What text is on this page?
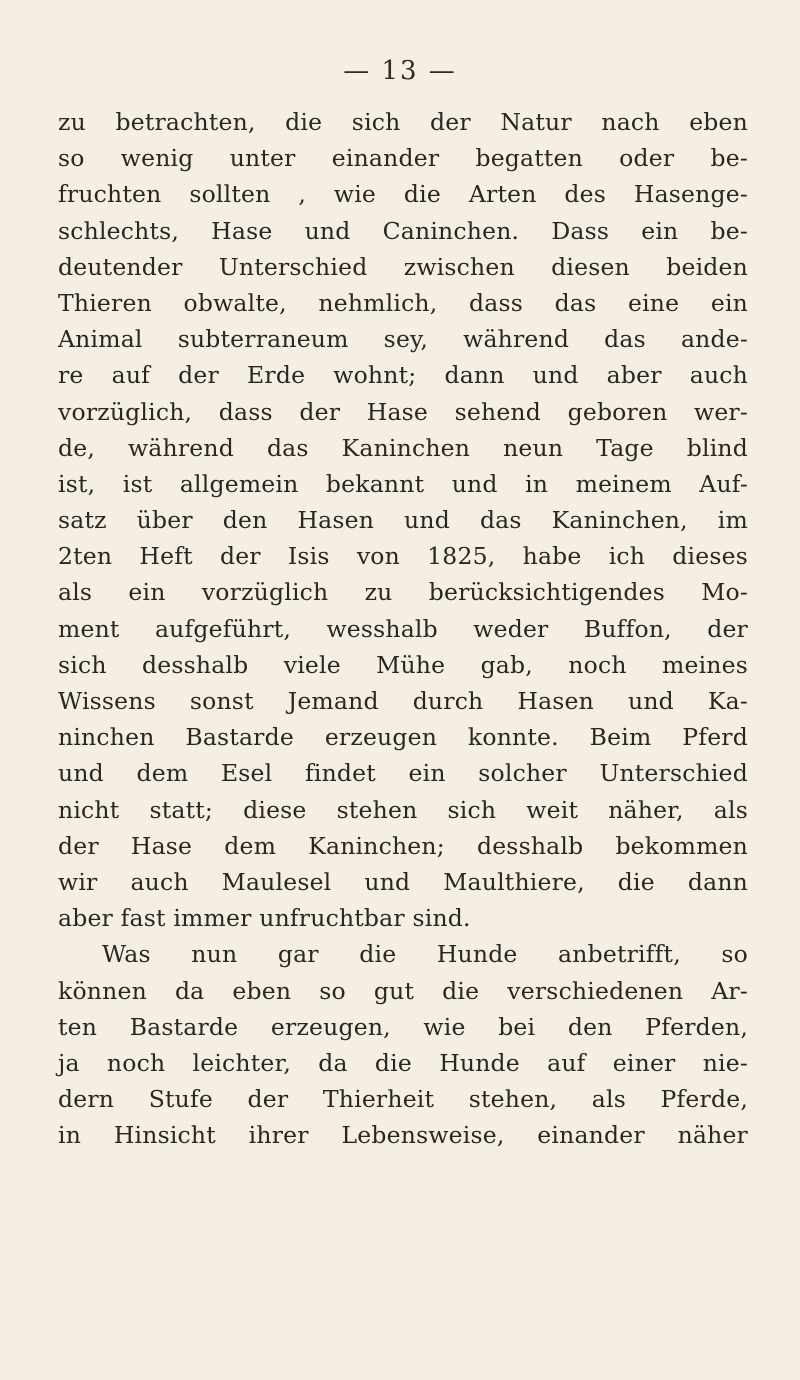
— 13 —
zu betrachten, die sich der Natur nach eben
so wenig unter einander begatten oder be-
fruchten sollten , wie die Arten des Hasenge-
schlechts, Hase und Caninchen. Dass ein be-
deutender Unterschied zwischen diesen beiden
Thieren obwalte, nehmlich, dass das eine ein
Animal subterraneum sey, während das ande-
re auf der Erde wohnt; dann und aber auch
vorzüglich, dass der Hase sehend geboren wer-
de, während das Kaninchen neun Tage blind
ist, ist allgemein bekannt und in meinem Auf-
satz über den Hasen und das Kaninchen, im
2ten Heft der Isis von 1825, habe ich dieses
als ein vorzüglich zu berücksichtigendes Mo-
ment aufgeführt, wesshalb weder Buffon, der
sich desshalb viele Mühe gab, noch meines
Wissens sonst Jemand durch Hasen und Ka-
ninchen Bastarde erzeugen konnte. Beim Pferd
und dem Esel findet ein solcher Unterschied
nicht statt; diese stehen sich weit näher, als
der Hase dem Kaninchen; desshalb bekommen
wir auch Maulesel und Maulthiere, die dann
aber fast immer unfruchtbar sind.
Was nun gar die Hunde anbetrifft, so
können da eben so gut die verschiedenen Ar-
ten Bastarde erzeugen, wie bei den Pferden,
ja noch leichter, da die Hunde auf einer nie-
dern Stufe der Thierheit stehen, als Pferde,
in Hinsicht ihrer Lebensweise, einander näher
